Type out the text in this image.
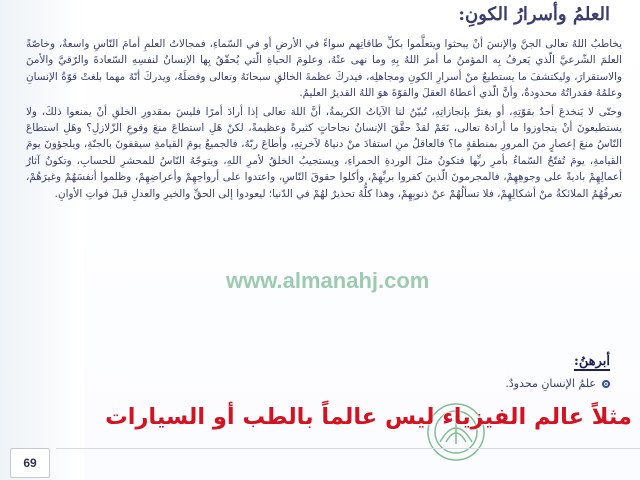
العلمُ وأسرارُ الكونِ:

يخاطبُ اللهُ تعالى الجنَّ والإنسَ أنْ يبحثوا ويتعلَّموا بكلِّ طاقاتِهم سواءً في الأرضِ أو في السّماءِ، فمجالاتُ العلمِ أمامَ النّاسِ واسعةٌ، وخاصّةً العلمَ الشّرعيَّ الّذي يَعرفُ بِه المؤمنُ ما أمرَ اللهُ بِهِ وما نهى عنْهُ، وعلومَ الحياةِ الّتي يُحقّقُ بِها الإنسانُ لنفسِهِ السّعادةَ والرّقيَّ والأمنَ والاستقرارَ، وليكتشفَ ما يستطيعُ منْ أسرارِ الكونِ ومجاهلِه، فيدركَ عظمةَ الخالقِ سبحانَهُ وتعالى وفضلَهُ، ويدركَ أنّهُ مهما بلغتْ قوّةُ الإنسانِ وعلمُهُ فقدراتُهُ محدودةٌ، وأنَّ الّذي أعطاهُ العقلَ والقوّةَ هوَ اللهُ القديرُ العليمُ.

وحتّى لا يَنخدعَ أحدٌ بقوّتِهِ، أو يغترَّ بإنجازاتِهِ، تُبيّنُ لنا الآياتُ الكريمةُ، أنَّ اللهَ تعالى إذا أرادَ أمرًا فليسَ بمقدورِ الخلقِ أنْ يمنعوا ذلكَ، ولا يستطيعونَ أنْ يتجاوزوا ما أرادهُ تعالى، نَعَمْ لقدْ حقَّقَ الإنسانُ نجاحاتٍ كثيرةً وعظيمةً، لكنْ هَلِ استطاعَ منعَ وقوعِ الزّلازلِ؟ وهَلِ استطاعَ النّاسُ منعَ إعصارٍ منَ المرورِ بمنطقةٍ ما؟ فالعاقلُ منِ استفادَ منْ دنياهُ لآخرتِهِ، وأطاعَ ربّهُ، فالجميعُ يومَ القيامةِ سيقفونَ بالجنّةِ، ويلجؤونَ يومَ القيامةِ، يومَ تُفتّحُ السّماءُ بأمرِ ربِّها فتكونُ مثلَ الوردةِ الحمراءِ، ويستجيبُ الخلقُ لأمرِ اللهِ، ويتوجّهُ النّاسُ للمحشرِ للحسابِ، وتكونُ آثارُ أعمالِهِمْ باديةً على وجوهِهِمْ، فالمجرمونَ الّذينَ كفروا بربِّهِمْ، وأكلوا حقوقَ النّاسِ، واعتدوا على أرواحِهِمْ وأعراضِهِمْ، وظلموا أنفسَهُمْ وغيرَهُمْ، تعرفُهُمُ الملائكةُ منْ أشكالِهِمْ، فلا تسألُهُمْ عنْ ذنوبِهِمْ، وهذا كلُّهُ تحذيرٌ لهُمْ في الدّنيا؛ ليعودوا إلى الحقِّ والخيرِ والعدلِ قبلَ فواتِ الأوانِ.

www.almanahj.com
أبرهنُ:
علمُ الإنسانِ محدودٌ.
مثلاً عالم الفيزياء ليس عالماً بالطب أو السيارات
69
